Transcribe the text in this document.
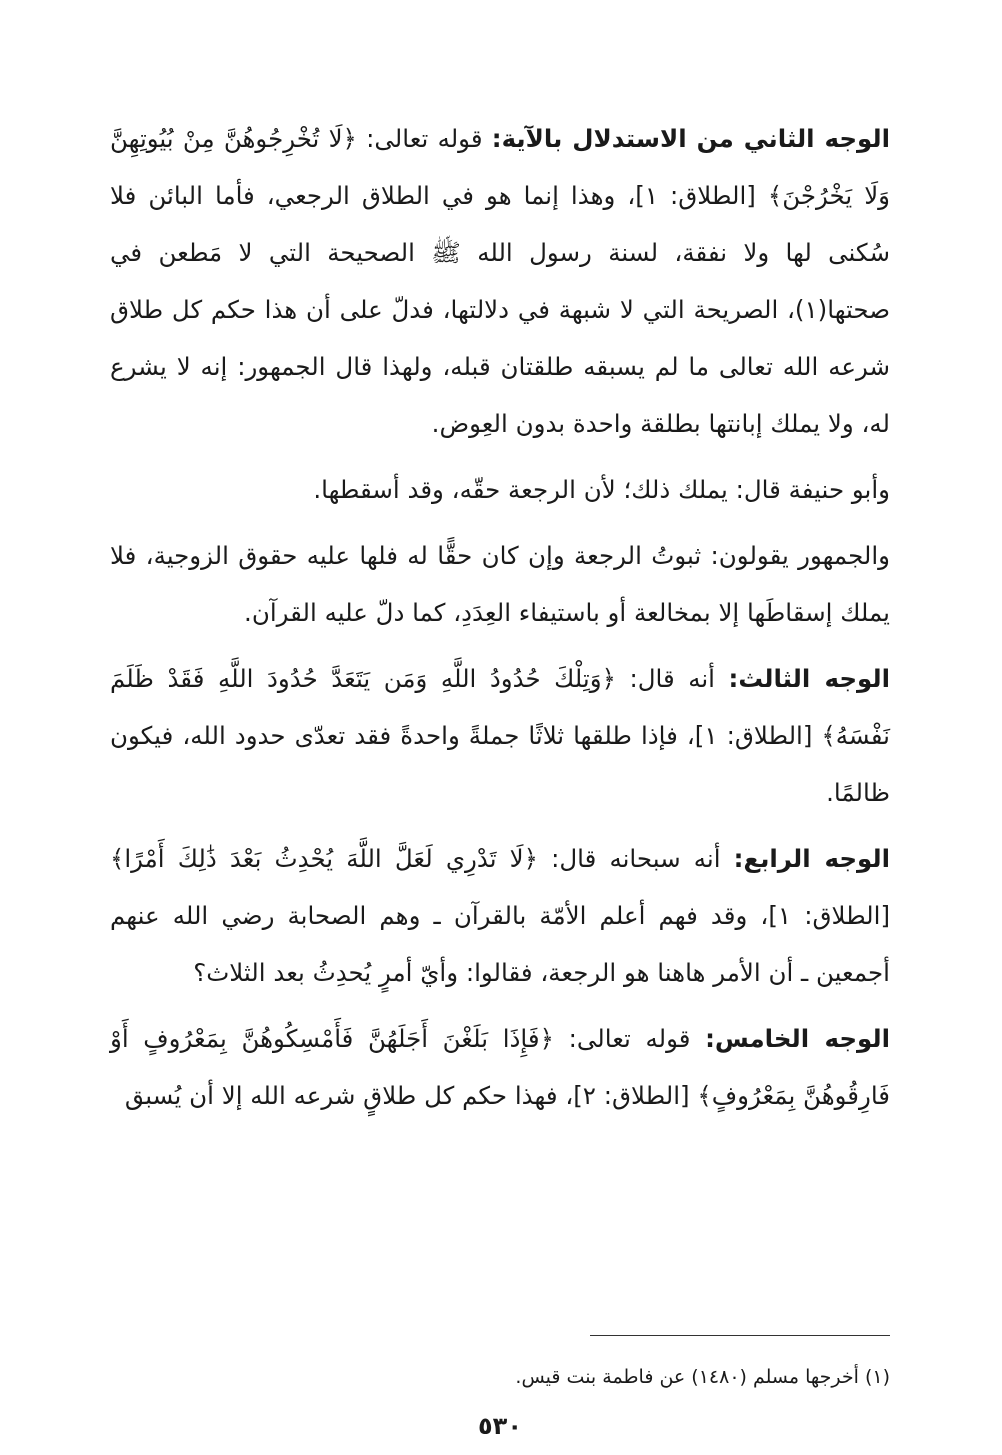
الوجه الثاني من الاستدلال بالآية: قوله تعالى: ﴿لَا تُخْرِجُوهُنَّ مِنْ بُيُوتِهِنَّ وَلَا يَخْرُجْنَ﴾ [الطلاق: ١]، وهذا إنما هو في الطلاق الرجعي، فأما البائن فلا سُكنى لها ولا نفقة، لسنة رسول الله ﷺ الصحيحة التي لا مَطعن في صحتها(١)، الصريحة التي لا شبهة في دلالتها، فدلّ على أن هذا حكم كل طلاق شرعه الله تعالى ما لم يسبقه طلقتان قبله، ولهذا قال الجمهور: إنه لا يشرع له، ولا يملك إبانتها بطلقة واحدة بدون العِوض.

وأبو حنيفة قال: يملك ذلك؛ لأن الرجعة حقّه، وقد أسقطها.

والجمهور يقولون: ثبوتُ الرجعة وإن كان حقًّا له فلها عليه حقوق الزوجية، فلا يملك إسقاطَها إلا بمخالعة أو باستيفاء العِدَدِ، كما دلّ عليه القرآن.

الوجه الثالث: أنه قال: ﴿وَتِلْكَ حُدُودُ اللَّهِ وَمَن يَتَعَدَّ حُدُودَ اللَّهِ فَقَدْ ظَلَمَ نَفْسَهُ﴾ [الطلاق: ١]، فإذا طلقها ثلاثًا جملةً واحدةً فقد تعدّى حدود الله، فيكون ظالمًا.

الوجه الرابع: أنه سبحانه قال: ﴿لَا تَدْرِي لَعَلَّ اللَّهَ يُحْدِثُ بَعْدَ ذَٰلِكَ أَمْرًا﴾ [الطلاق: ١]، وقد فهم أعلم الأمّة بالقرآن ـ وهم الصحابة رضي الله عنهم أجمعين ـ أن الأمر هاهنا هو الرجعة، فقالوا: وأيّ أمرٍ يُحدِثُ بعد الثلاث؟

الوجه الخامس: قوله تعالى: ﴿فَإِذَا بَلَغْنَ أَجَلَهُنَّ فَأَمْسِكُوهُنَّ بِمَعْرُوفٍ أَوْ فَارِقُوهُنَّ بِمَعْرُوفٍ﴾ [الطلاق: ٢]، فهذا حكم كل طلاقٍ شرعه الله إلا أن يُسبق

(١) أخرجها مسلم (١٤٨٠) عن فاطمة بنت قيس.
٥٣٠
